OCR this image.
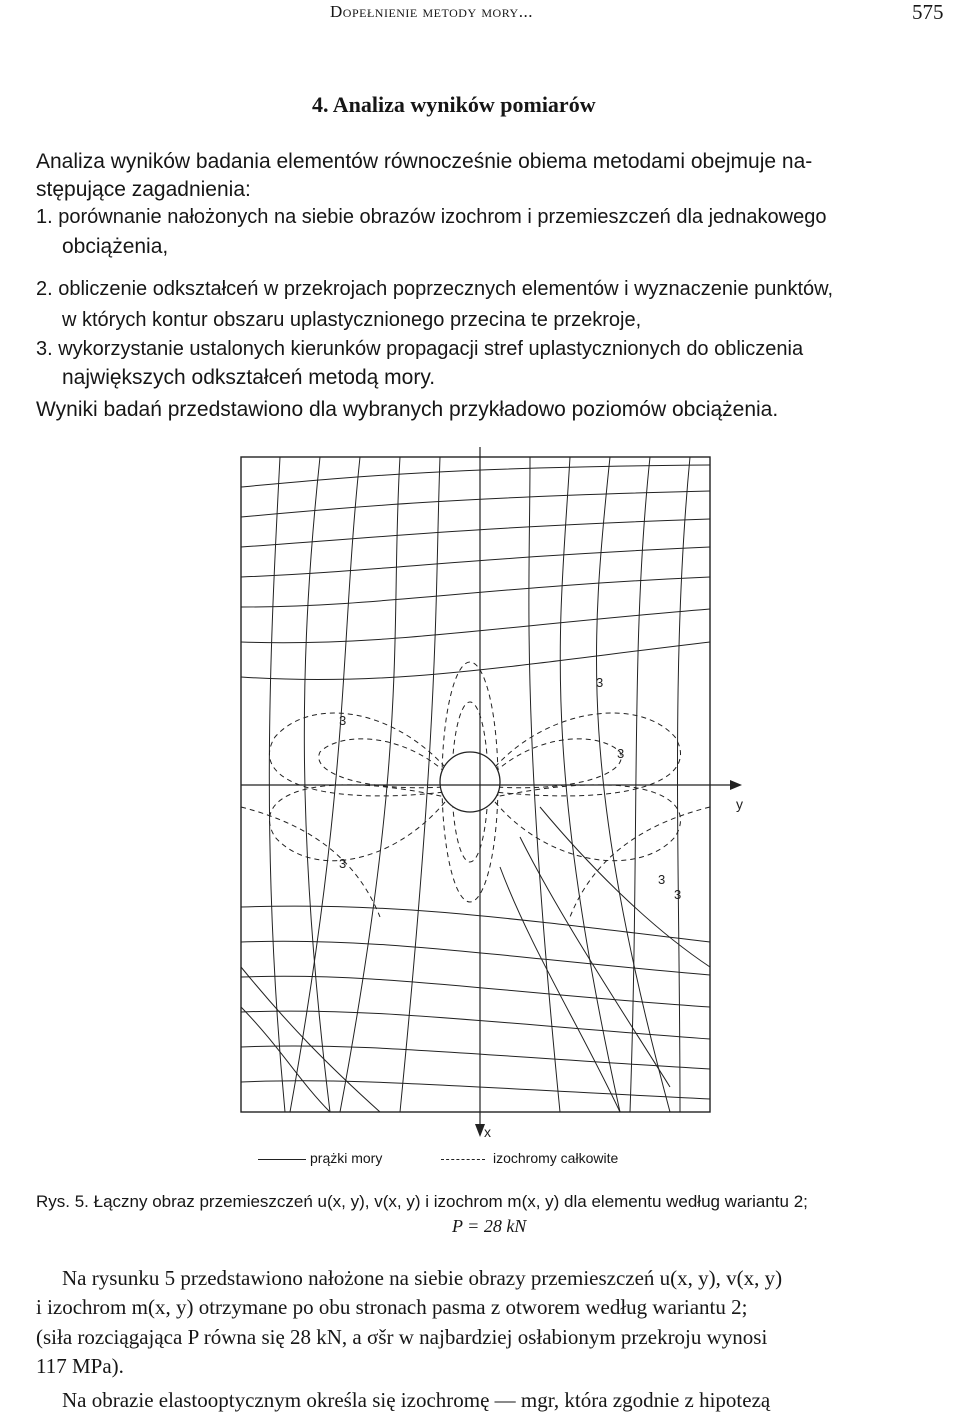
Dopełnienie metody mory...	575
4. Analiza wyników pomiarów
Analiza wyników badania elementów równocześnie obiema metodami obejmuje na-
stępujące zagadnienia:
1. porównanie nałożonych na siebie obrazów izochrom i przemieszczeń dla jednakowego
obciążenia,
2. obliczenie odkształceń w przekrojach poprzecznych elementów i wyznaczenie punktów,
w których kontur obszaru uplastycznionego przecina te przekroje,
3. wykorzystanie ustalonych kierunków propagacji stref uplastycznionych do obliczenia
największych odkształceń metodą mory.
Wyniki badań przedstawiono dla wybranych przykładowo poziomów obciążenia.
3
3
3
3
3
3
y
x
prążki mory	izochromy całkowite
Rys. 5. Łączny obraz przemieszczeń u(x, y), v(x, y) i izochrom m(x, y) dla elementu według wariantu 2;
P = 28 kN
Na rysunku 5 przedstawiono nałożone na siebie obrazy przemieszczeń u(x, y), v(x, y)
i izochrom m(x, y) otrzymane po obu stronach pasma z otworem według wariantu 2;
(siła rozciągająca P równa się 28 kN, a σšr w najbardziej osłabionym przekroju wynosi
117 MPa).
Na obrazie elastooptycznym określa się izochromę — mgr, która zgodnie z hipotezą
